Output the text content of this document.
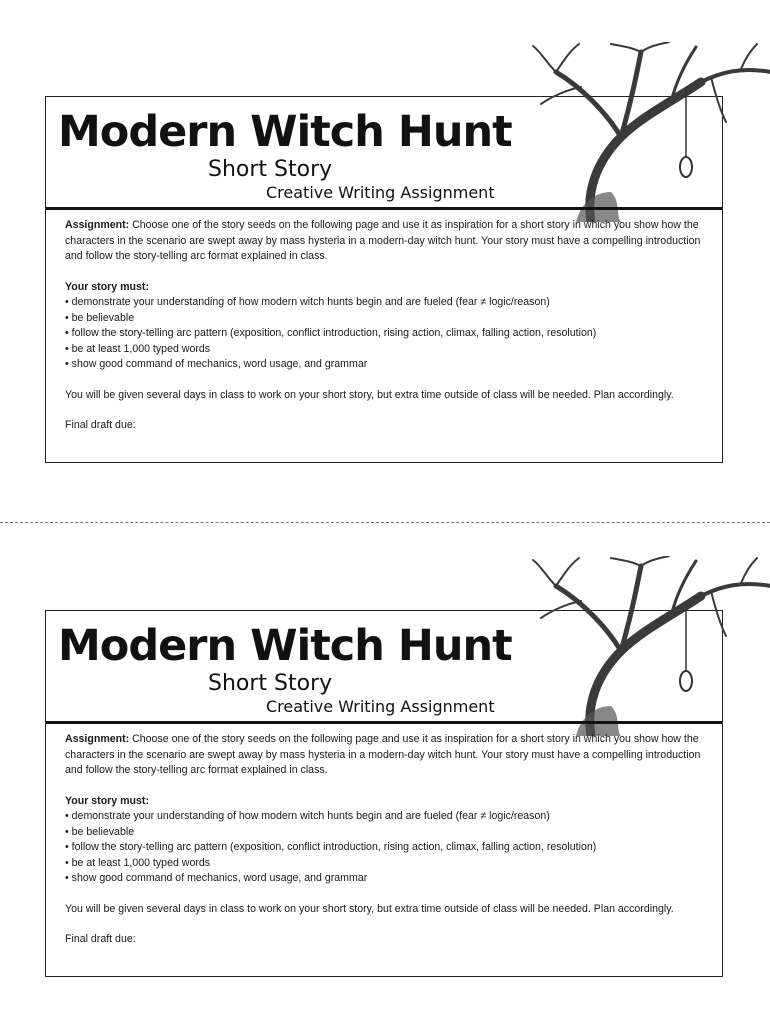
Modern Witch Hunt
Short Story
Creative Writing Assignment

Assignment: Choose one of the story seeds on the following page and use it as inspiration for a short story in which you show how the characters in the scenario are swept away by mass hysteria in a modern-day witch hunt. Your story must have a compelling introduction and follow the story-telling arc format explained in class.

Your story must:

• demonstrate your understanding of how modern witch hunts begin and are fueled (fear ≠ logic/reason)
• be believable
• follow the story-telling arc pattern (exposition, conflict introduction, rising action, climax, falling action, resolution)
• be at least 1,000 typed words
• show good command of mechanics, word usage, and grammar

You will be given several days in class to work on your short story, but extra time outside of class will be needed. Plan accordingly.

Final draft due:

Modern Witch Hunt
Short Story
Creative Writing Assignment

Assignment: Choose one of the story seeds on the following page and use it as inspiration for a short story in which you show how the characters in the scenario are swept away by mass hysteria in a modern-day witch hunt. Your story must have a compelling introduction and follow the story-telling arc format explained in class.

Your story must:

• demonstrate your understanding of how modern witch hunts begin and are fueled (fear ≠ logic/reason)
• be believable
• follow the story-telling arc pattern (exposition, conflict introduction, rising action, climax, falling action, resolution)
• be at least 1,000 typed words
• show good command of mechanics, word usage, and grammar

You will be given several days in class to work on your short story, but extra time outside of class will be needed. Plan accordingly.

Final draft due:
